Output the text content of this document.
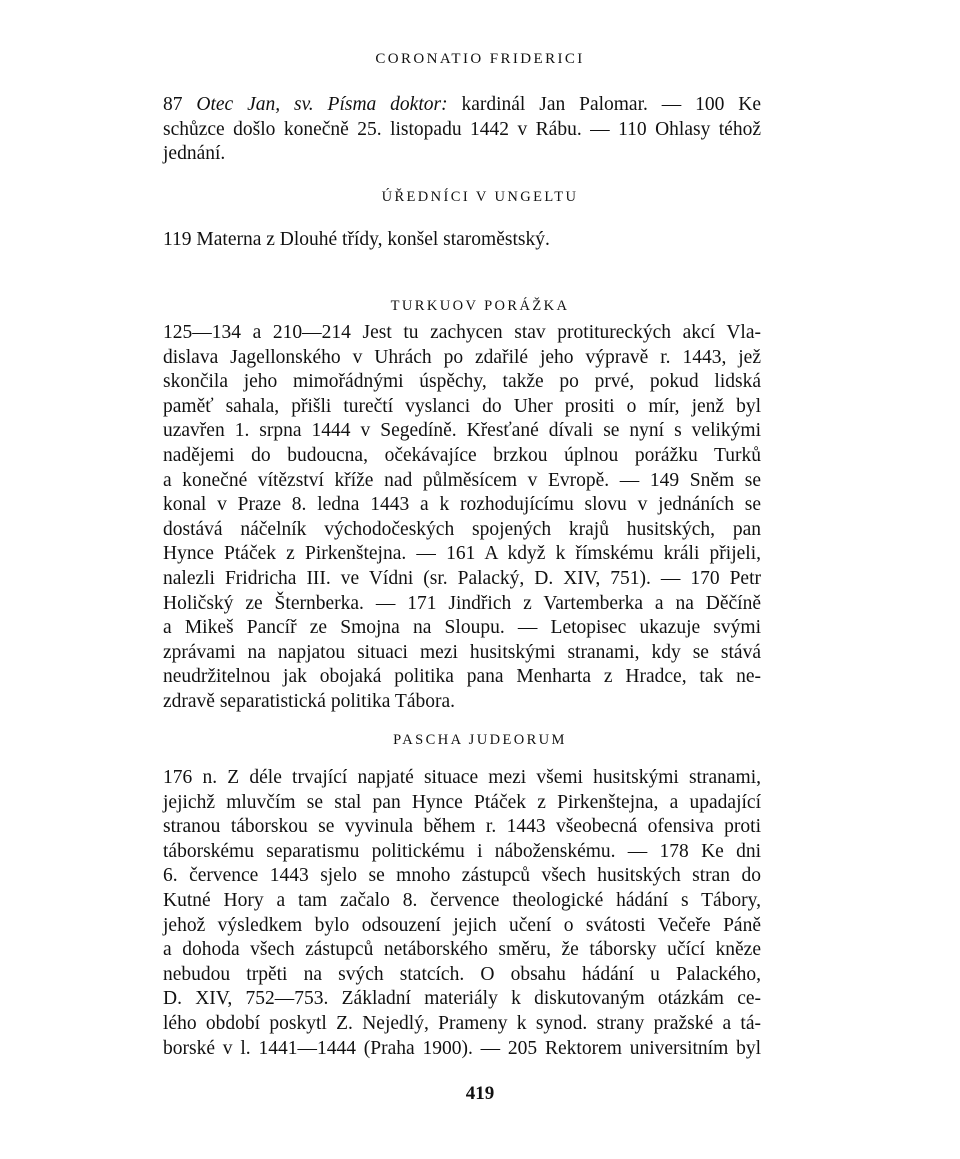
CORONATIO FRIDERICI
87 Otec Jan, sv. Písma doktor: kardinál Jan Palomar. — 100 Ke
schůzce došlo konečně 25. listopadu 1442 v Rábu. — 110 Ohlasy téhož
jednání.
ÚŘEDNÍCI V UNGELTU
119 Materna z Dlouhé třídy, konšel staroměstský.
TURKUOV PORÁŽKA
125—134 a 210—214 Jest tu zachycen stav protitureckých akcí Vla-
dislava Jagellonského v Uhrách po zdařilé jeho výpravě r. 1443, jež
skončila jeho mimořádnými úspěchy, takže po prvé, pokud lidská
paměť sahala, přišli turečtí vyslanci do Uher prositi o mír, jenž byl
uzavřen 1. srpna 1444 v Segedíně. Křesťané dívali se nyní s velikými
nadějemi do budoucna, očekávajíce brzkou úplnou porážku Turků
a konečné vítězství kříže nad půlměsícem v Evropě. — 149 Sněm se
konal v Praze 8. ledna 1443 a k rozhodujícímu slovu v jednáních se
dostává náčelník východočeských spojených krajů husitských, pan
Hynce Ptáček z Pirkenštejna. — 161 A když k římskému králi přijeli,
nalezli Fridricha III. ve Vídni (sr. Palacký, D. XIV, 751). — 170 Petr
Holičský ze Šternberka. — 171 Jindřich z Vartemberka a na Děčíně
a Mikeš Pancíř ze Smojna na Sloupu. — Letopisec ukazuje svými
zprávami na napjatou situaci mezi husitskými stranami, kdy se stává
neudržitelnou jak obojaká politika pana Menharta z Hradce, tak ne-
zdravě separatistická politika Tábora.
PASCHA JUDEORUM
176 n. Z déle trvající napjaté situace mezi všemi husitskými stranami,
jejichž mluvčím se stal pan Hynce Ptáček z Pirkenštejna, a upadající
stranou táborskou se vyvinula během r. 1443 všeobecná ofensiva proti
táborskému separatismu politickému i náboženskému. — 178 Ke dni
6. července 1443 sjelo se mnoho zástupců všech husitských stran do
Kutné Hory a tam začalo 8. července theologické hádání s Tábory,
jehož výsledkem bylo odsouzení jejich učení o svátosti Večeře Páně
a dohoda všech zástupců netáborského směru, že táborsky učící kněze
nebudou trpěti na svých statcích. O obsahu hádání u Palackého,
D. XIV, 752—753. Základní materiály k diskutovaným otázkám ce-
lého období poskytl Z. Nejedlý, Prameny k synod. strany pražské a tá-
borské v l. 1441—1444 (Praha 1900). — 205 Rektorem universitním byl
419
